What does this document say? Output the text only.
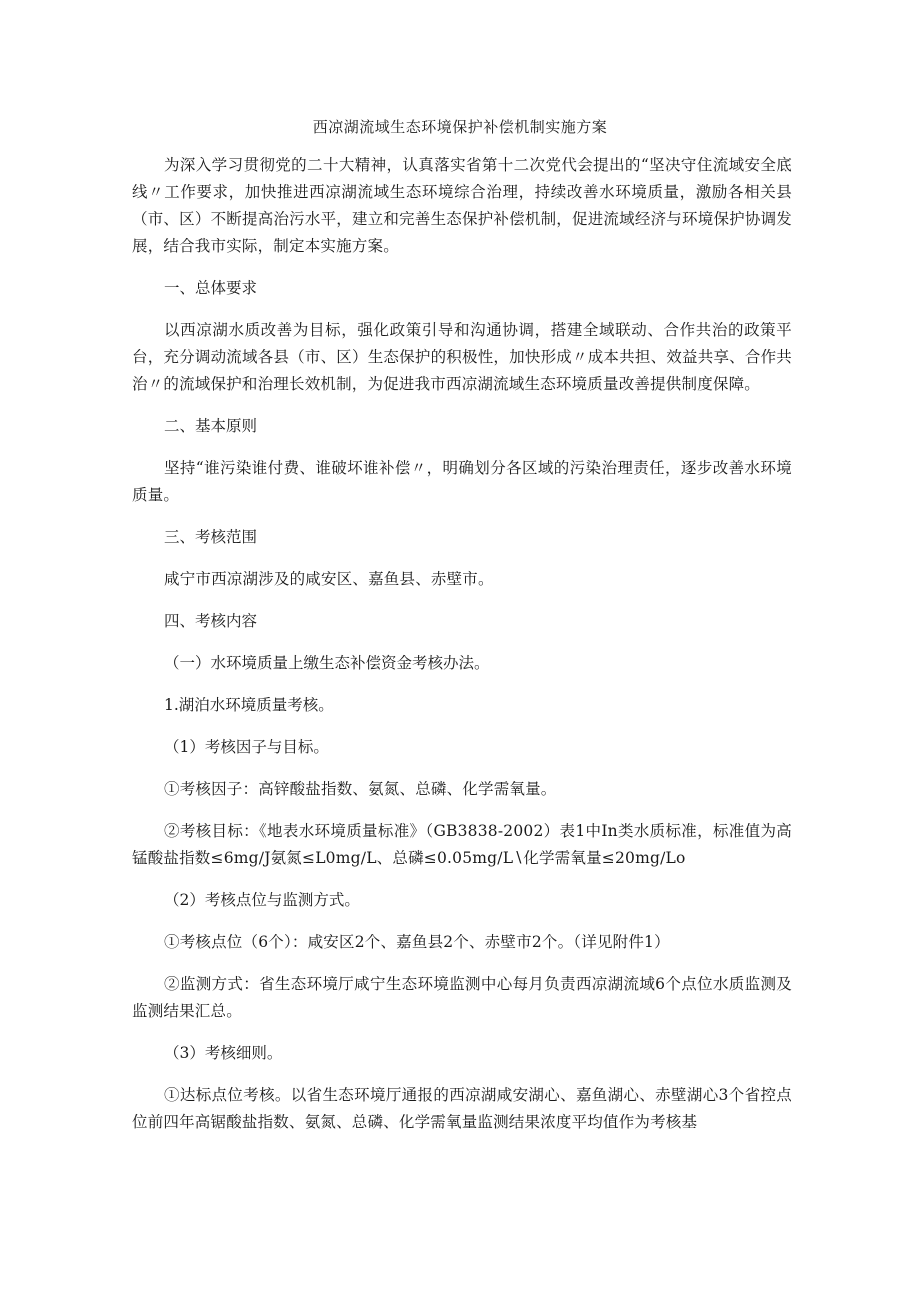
西凉湖流域生态环境保护补偿机制实施方案

为深入学习贯彻党的二十大精神，认真落实省第十二次党代会提出的“坚决守住流域安全底线〃工作要求，加快推进西凉湖流域生态环境综合治理，持续改善水环境质量，激励各相关县（市、区）不断提高治污水平，建立和完善生态保护补偿机制，促进流域经济与环境保护协调发展，结合我市实际，制定本实施方案。

一、总体要求

以西凉湖水质改善为目标，强化政策引导和沟通协调，搭建全域联动、合作共治的政策平台，充分调动流域各县（市、区）生态保护的积极性，加快形成〃成本共担、效益共享、合作共治〃的流域保护和治理长效机制，为促进我市西凉湖流域生态环境质量改善提供制度保障。

二、基本原则

坚持“谁污染谁付费、谁破坏谁补偿〃，明确划分各区域的污染治理责任，逐步改善水环境质量。

三、考核范围

咸宁市西凉湖涉及的咸安区、嘉鱼县、赤壁市。

四、考核内容

（一）水环境质量上缴生态补偿资金考核办法。

1.湖泊水环境质量考核。

（1）考核因子与目标。

①考核因子：高锌酸盐指数、氨氮、总磷、化学需氧量。

②考核目标：《地表水环境质量标准》（GB3838-2002）表1中In类水质标准，标准值为高锰酸盐指数≤6mg∕J氨氮≤L0mg∕L、总磷≤0.05mg∕L∖化学需氧量≤20mg∕Lo

（2）考核点位与监测方式。

①考核点位（6个）：咸安区2个、嘉鱼县2个、赤壁市2个。（详见附件1）

②监测方式：省生态环境厅咸宁生态环境监测中心每月负责西凉湖流域6个点位水质监测及监测结果汇总。

（3）考核细则。

①达标点位考核。以省生态环境厅通报的西凉湖咸安湖心、嘉鱼湖心、赤壁湖心3个省控点位前四年高锯酸盐指数、氨氮、总磷、化学需氧量监测结果浓度平均值作为考核基
